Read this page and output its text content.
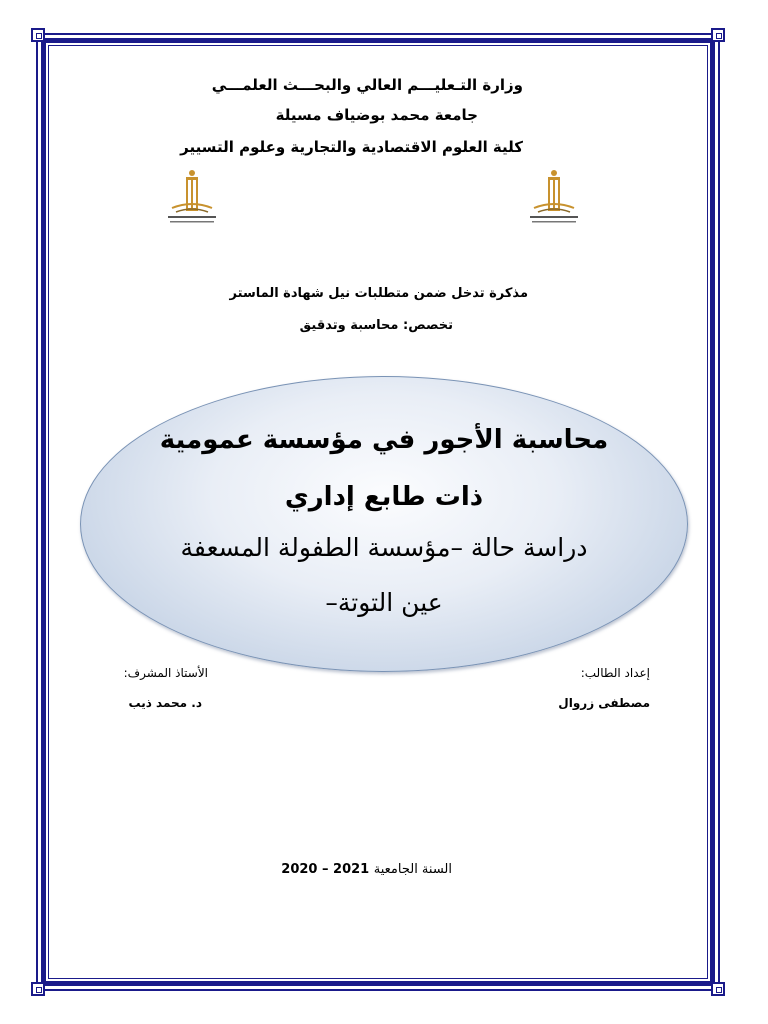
وزارة التـعليـــم العالي والبحـــث العلمـــي
جامعة محمد بوضياف مسيلة
كلية العلوم الاقتصادية والتجارية وعلوم التسيير
مذكرة تدخل ضمن متطلبات نيل شهادة الماستر
تخصص: محاسبة وتدقيق
محاسبة الأجور في مؤسسة عمومية
ذات طابع إداري
دراسة حالة –مؤسسة الطفولة المسعفة
عين التوتة–
إعداد الطالب:
مصطفى زروال
الأستاذ المشرف:
د. محمد ذيب
السنة الجامعية 2020 – 2021
